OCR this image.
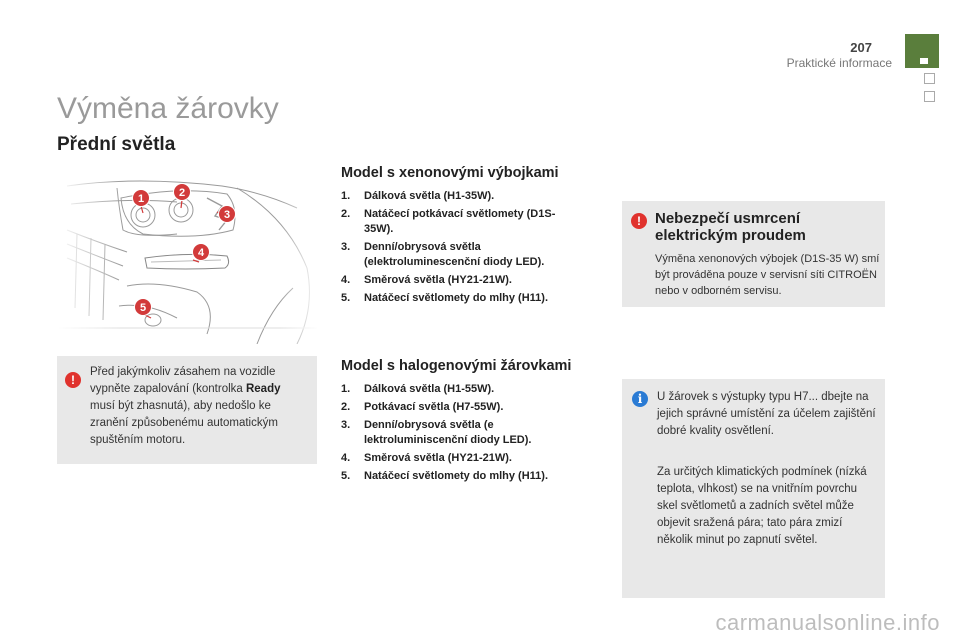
207
Praktické informace
Výměna žárovky
Přední světla
1	2
3
4
5
!
Před jakýmkoliv zásahem na vozidle vypněte zapalování (kontrolka Ready musí být zhasnutá), aby nedošlo ke zranění způsobenému automatickým spuštěním motoru.
Model s xenonovými výbojkami
1.	Dálková světla (H1-35W).
2.	Natáčecí potkávací světlomety (D1S-35W).
3.	Denní/obrysová světla (elektroluminescenční diody LED).
4.	Směrová světla (HY21-21W).
5.	Natáčecí světlomety do mlhy (H11).
Model s halogenovými žárovkami
1.	Dálková světla (H1-55W).
2.	Potkávací světla (H7-55W).
3.	Denní/obrysová světla (e lektroluminiscenční diody LED).
4.	Směrová světla (HY21-21W).
5.	Natáčecí světlomety do mlhy (H11).
! Nebezpečí usmrcení elektrickým proudem
Výměna xenonových výbojek (D1S-35 W) smí být prováděna pouze v servisní síti CITROËN nebo v odborném servisu.
i	U žárovek s výstupky typu H7... dbejte na jejich správné umístění za účelem zajištění dobré kvality osvětlení.
Za určitých klimatických podmínek (nízká teplota, vlhkost) se na vnitřním povrchu skel světlometů a zadních světel může objevit sražená pára; tato pára zmizí několik minut po zapnutí světel.
carmanualsonline.info
